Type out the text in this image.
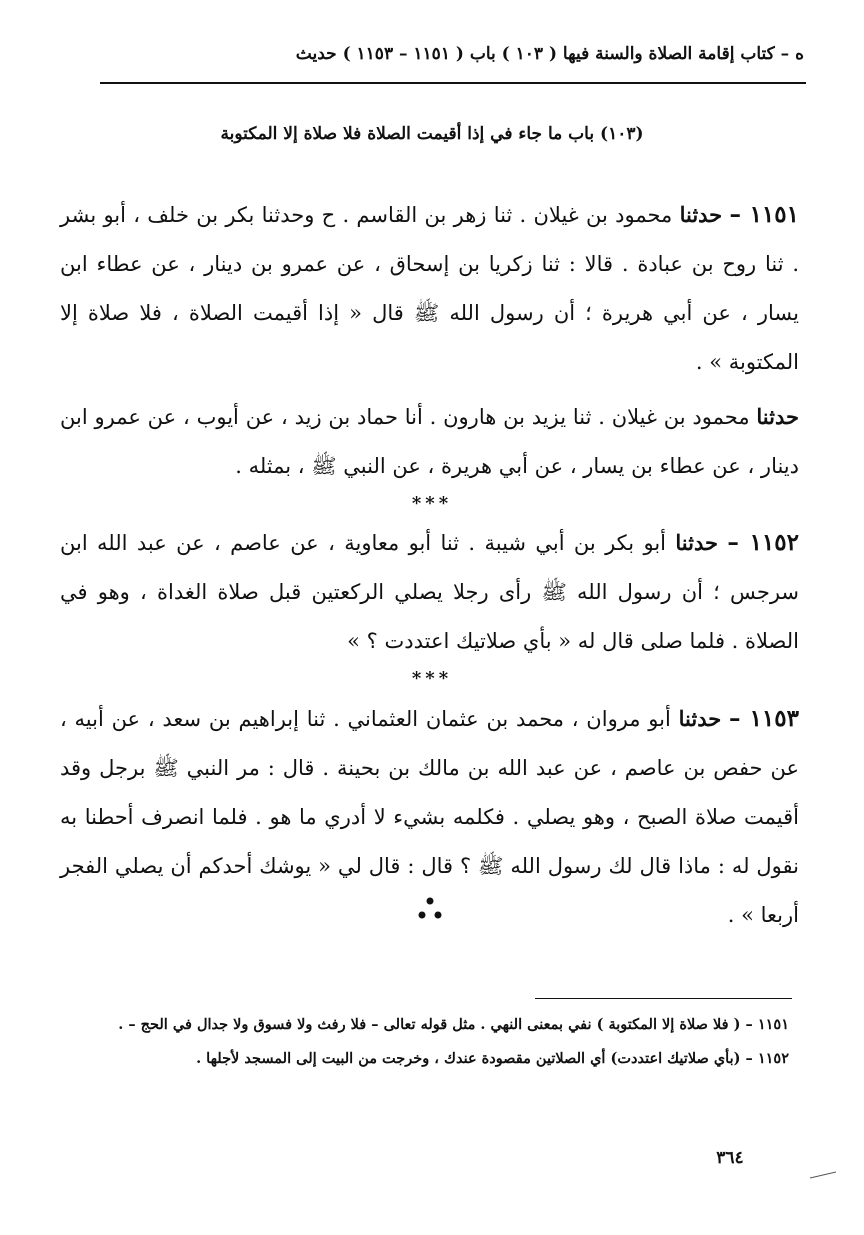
ه – كتاب إقامة الصلاة والسنة فيها ( ١٠٣ ) باب ( ١١٥١ – ١١٥٣ ) حديث
(١٠٣) باب ما جاء في إذا أقيمت الصلاة فلا صلاة إلا المكتوبة

١١٥١ – حدثنا محمود بن غيلان . ثنا زهر بن القاسم . ح وحدثنا بكر بن خلف ، أبو بشر . ثنا روح بن عبادة . قالا : ثنا زكريا بن إسحاق ، عن عمرو بن دينار ، عن عطاء ابن يسار ، عن أبي هريرة ؛ أن رسول الله ﷺ قال « إذا أقيمت الصلاة ، فلا صلاة إلا المكتوبة » .

حدثنا محمود بن غيلان . ثنا يزيد بن هارون . أنا حماد بن زيد ، عن أيوب ، عن عمرو ابن دينار ، عن عطاء بن يسار ، عن أبي هريرة ، عن النبي ﷺ ، بمثله .

***

١١٥٢ – حدثنا أبو بكر بن أبي شيبة . ثنا أبو معاوية ، عن عاصم ، عن عبد الله ابن سرجس ؛ أن رسول الله ﷺ رأى رجلا يصلي الركعتين قبل صلاة الغداة ، وهو في الصلاة . فلما صلى قال له « بأي صلاتيك اعتددت ؟ »

***

١١٥٣ – حدثنا أبو مروان ، محمد بن عثمان العثماني . ثنا إبراهيم بن سعد ، عن أبيه ، عن حفص بن عاصم ، عن عبد الله بن مالك بن بحينة . قال : مر النبي ﷺ برجل وقد أقيمت صلاة الصبح ، وهو يصلي . فكلمه بشيء لا أدري ما هو . فلما انصرف أحطنا به نقول له : ماذا قال لك رسول الله ﷺ ؟ قال : قال لي « يوشك أحدكم أن يصلي الفجر أربعا » .

١١٥١ – ( فلا صلاة إلا المكتوبة ) نفي بمعنى النهي . مثل قوله تعالى – فلا رفث ولا فسوق ولا جدال في الحج – .

١١٥٢ – (بأي صلاتيك اعتددت) أي الصلاتين مقصودة عندك ، وخرجت من البيت إلى المسجد لأجلها .

٣٦٤
